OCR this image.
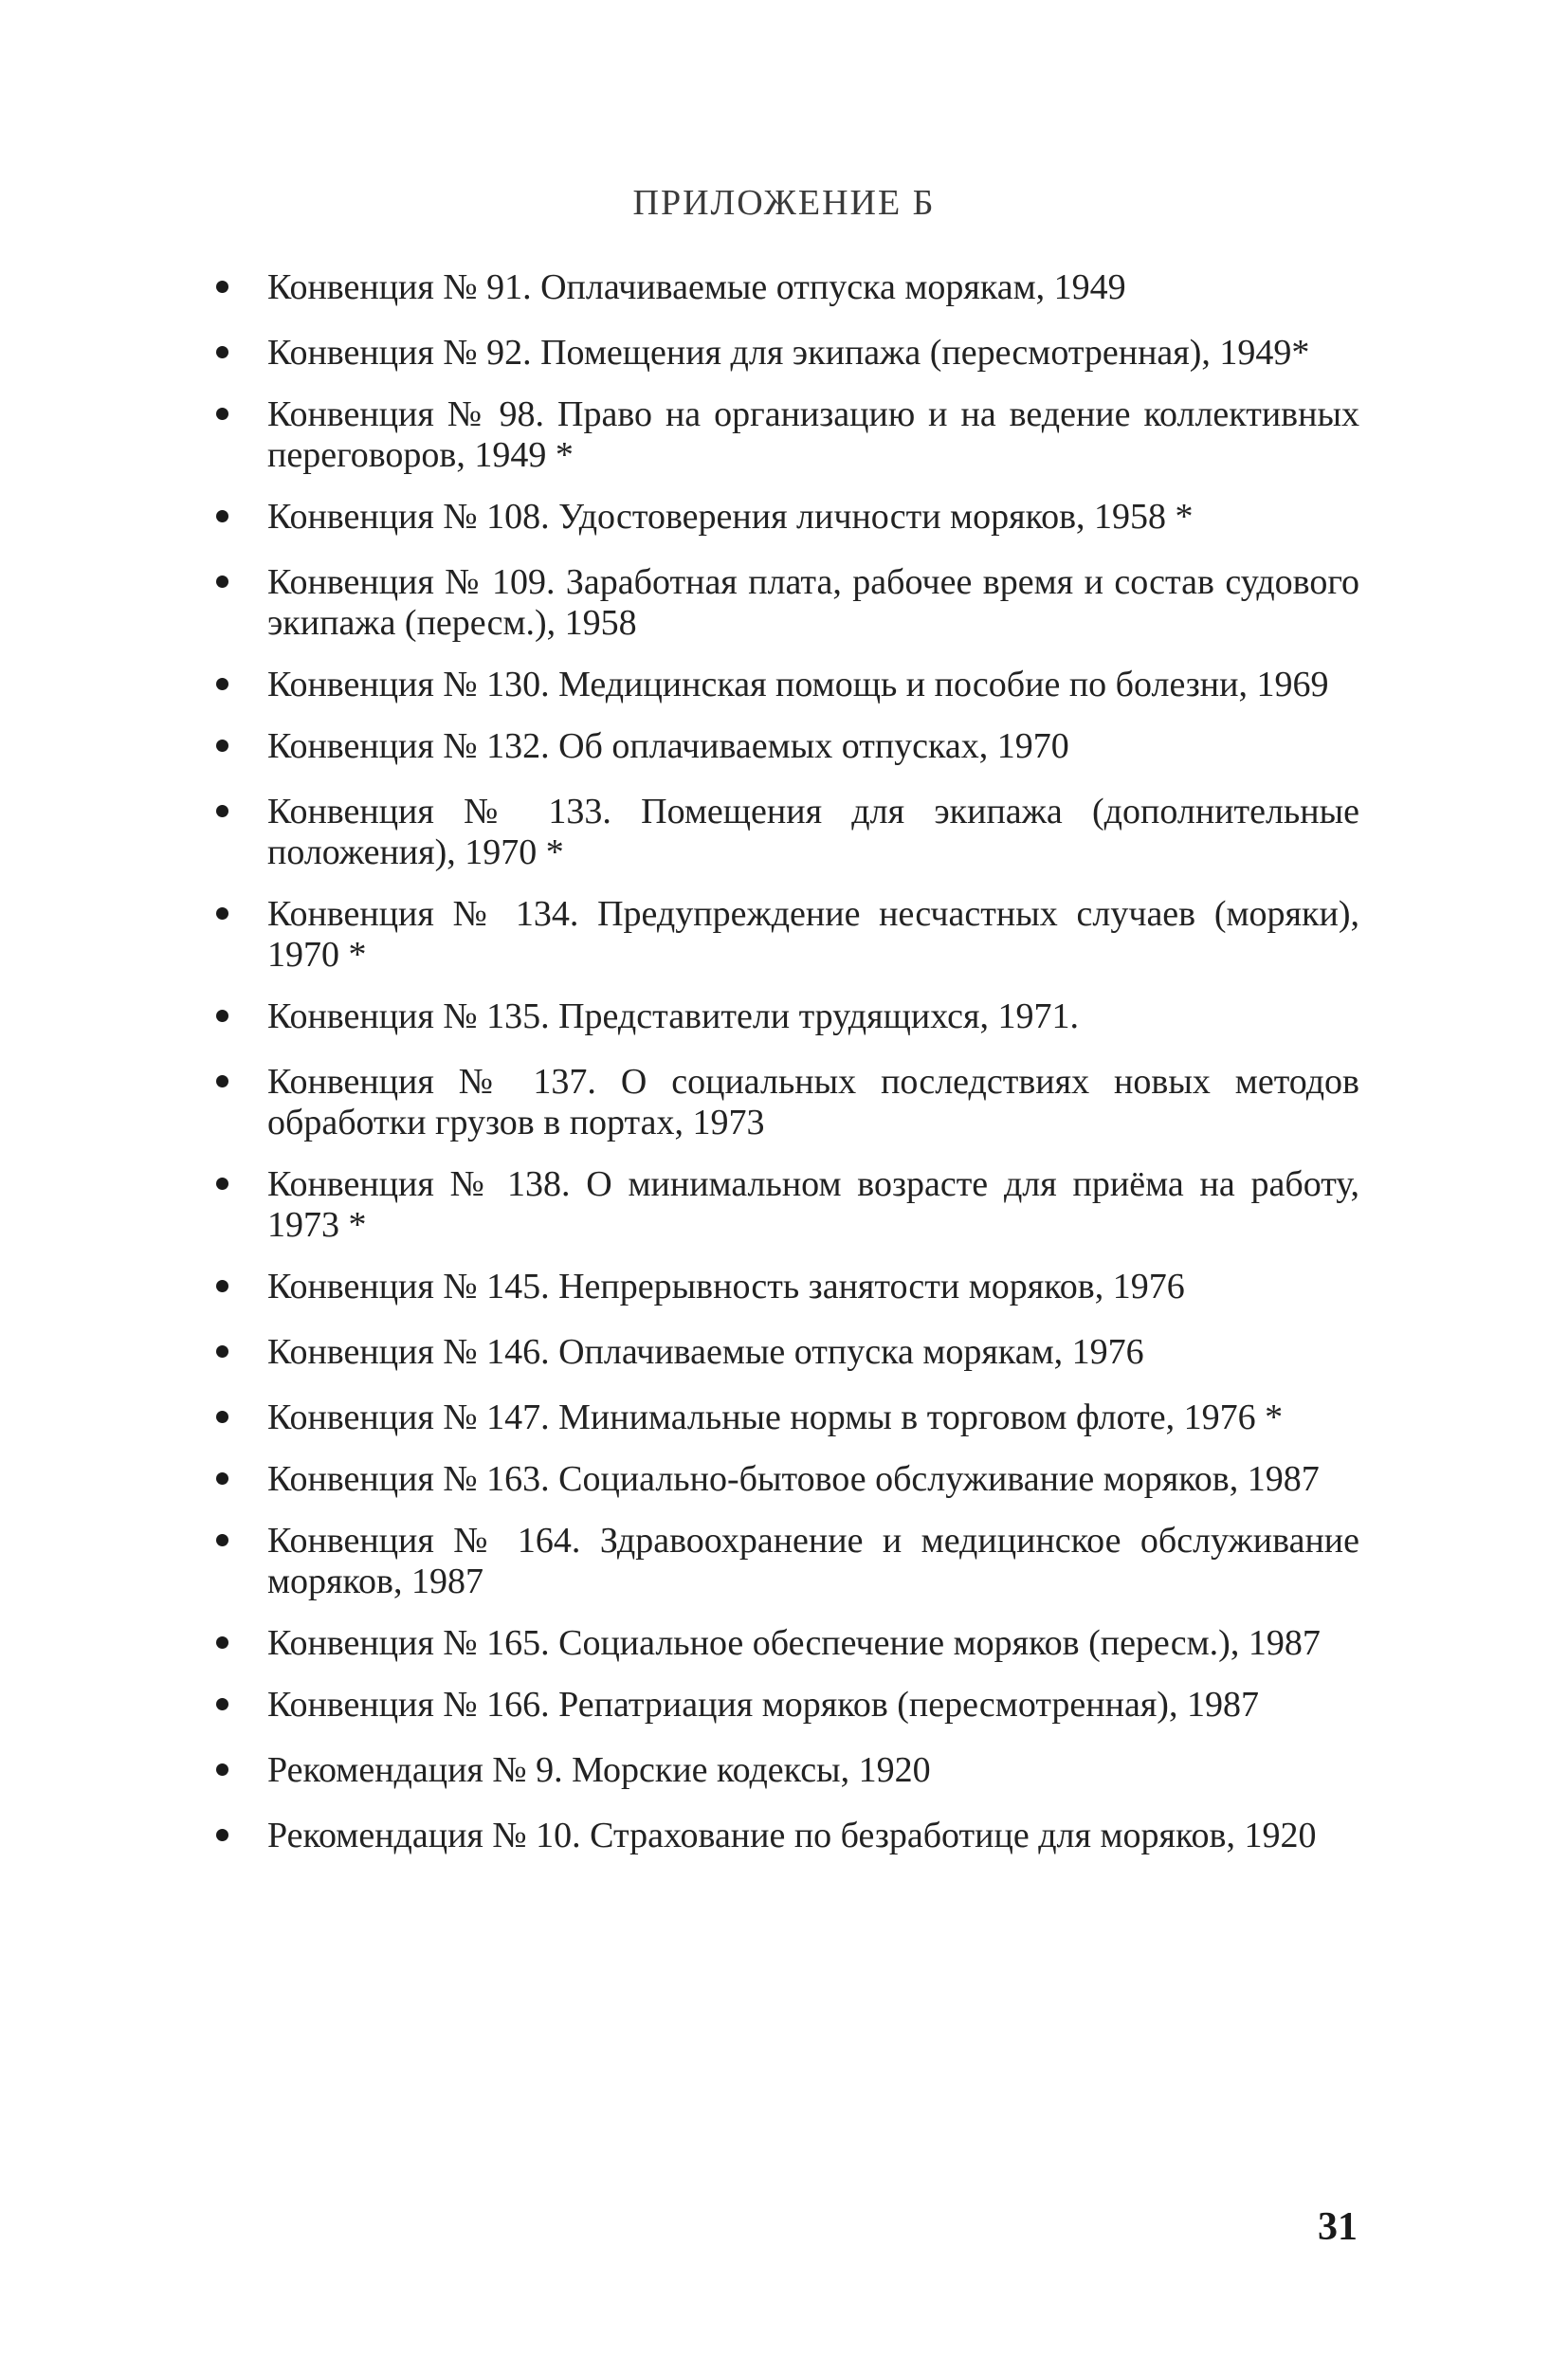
ПРИЛОЖЕНИЕ Б
Конвенция № 91. Оплачиваемые отпуска морякам, 1949
Конвенция № 92. Помещения для экипажа (пересмотренная), 1949*
Конвенция № 98. Право на организацию и на ведение коллективных переговоров, 1949 *
Конвенция № 108. Удостоверения личности моряков, 1958 *
Конвенция № 109. Заработная плата, рабочее время и состав судового экипажа (пересм.), 1958
Конвенция № 130. Медицинская помощь и пособие по болезни, 1969
Конвенция № 132. Об оплачиваемых отпусках, 1970
Конвенция № 133. Помещения для экипажа (дополнительные положения), 1970 *
Конвенция № 134. Предупреждение несчастных случаев (моряки), 1970 *
Конвенция № 135. Представители трудящихся, 1971.
Конвенция № 137. О социальных последствиях новых методов обработки грузов в портах, 1973
Конвенция № 138. О минимальном возрасте для приёма на работу, 1973 *
Конвенция № 145. Непрерывность занятости моряков, 1976
Конвенция № 146. Оплачиваемые отпуска морякам, 1976
Конвенция № 147. Минимальные нормы в торговом флоте, 1976 *
Конвенция № 163. Социально-бытовое обслуживание моряков, 1987
Конвенция № 164. Здравоохранение и медицинское обслуживание моряков, 1987
Конвенция № 165. Социальное обеспечение моряков (пересм.), 1987
Конвенция № 166. Репатриация моряков (пересмотренная), 1987
Рекомендация № 9. Морские кодексы, 1920
Рекомендация № 10. Страхование по безработице для моряков, 1920
31
